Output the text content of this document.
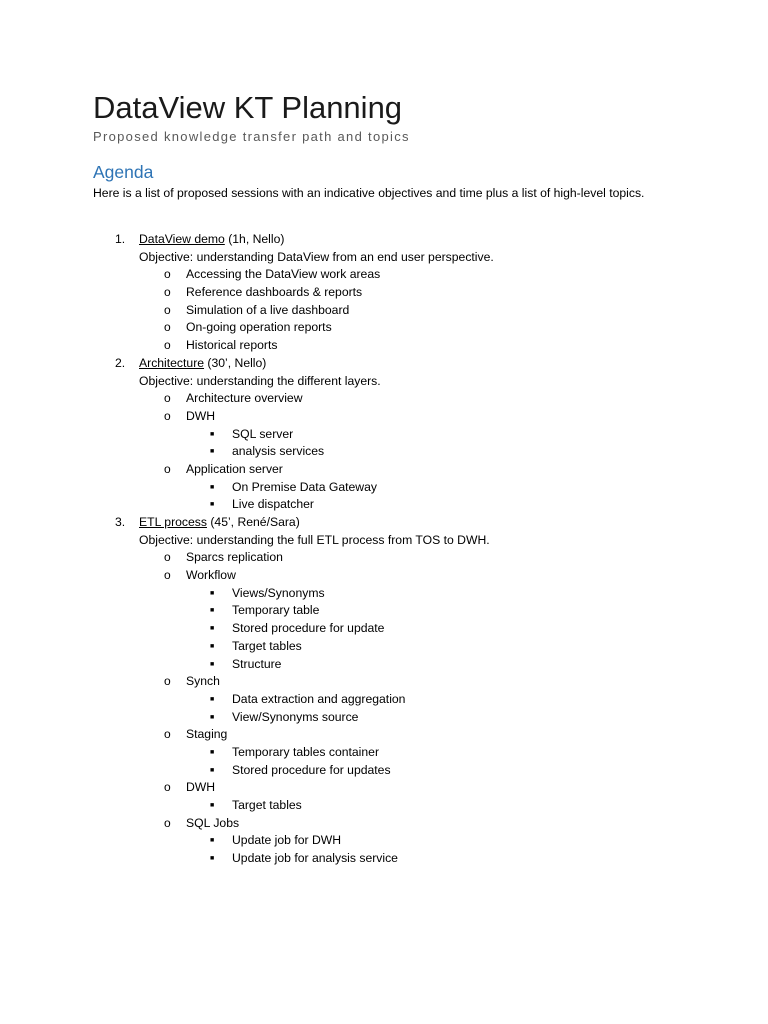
DataView KT Planning
Proposed knowledge transfer path and topics
Agenda
Here is a list of proposed sessions with an indicative objectives and time plus a list of high-level topics.
1.	DataView demo (1h, Nello)
Objective: understanding DataView from an end user perspective.
o Accessing the DataView work areas
o Reference dashboards & reports
o Simulation of a live dashboard
o On-going operation reports
o Historical reports
2.	Architecture (30’, Nello)
Objective: understanding the different layers.
o Architecture overview
o DWH
■ SQL server
■ analysis services
o Application server
■ On Premise Data Gateway
■ Live dispatcher
3.	ETL process (45’, René/Sara)
Objective: understanding the full ETL process from TOS to DWH.
o Sparcs replication
o Workflow
■ Views/Synonyms
■ Temporary table
■ Stored procedure for update
■ Target tables
■ Structure
o Synch
■ Data extraction and aggregation
■ View/Synonyms source
o Staging
■ Temporary tables container
■ Stored procedure for updates
o DWH
■ Target tables
o SQL Jobs
■ Update job for DWH
■ Update job for analysis service
